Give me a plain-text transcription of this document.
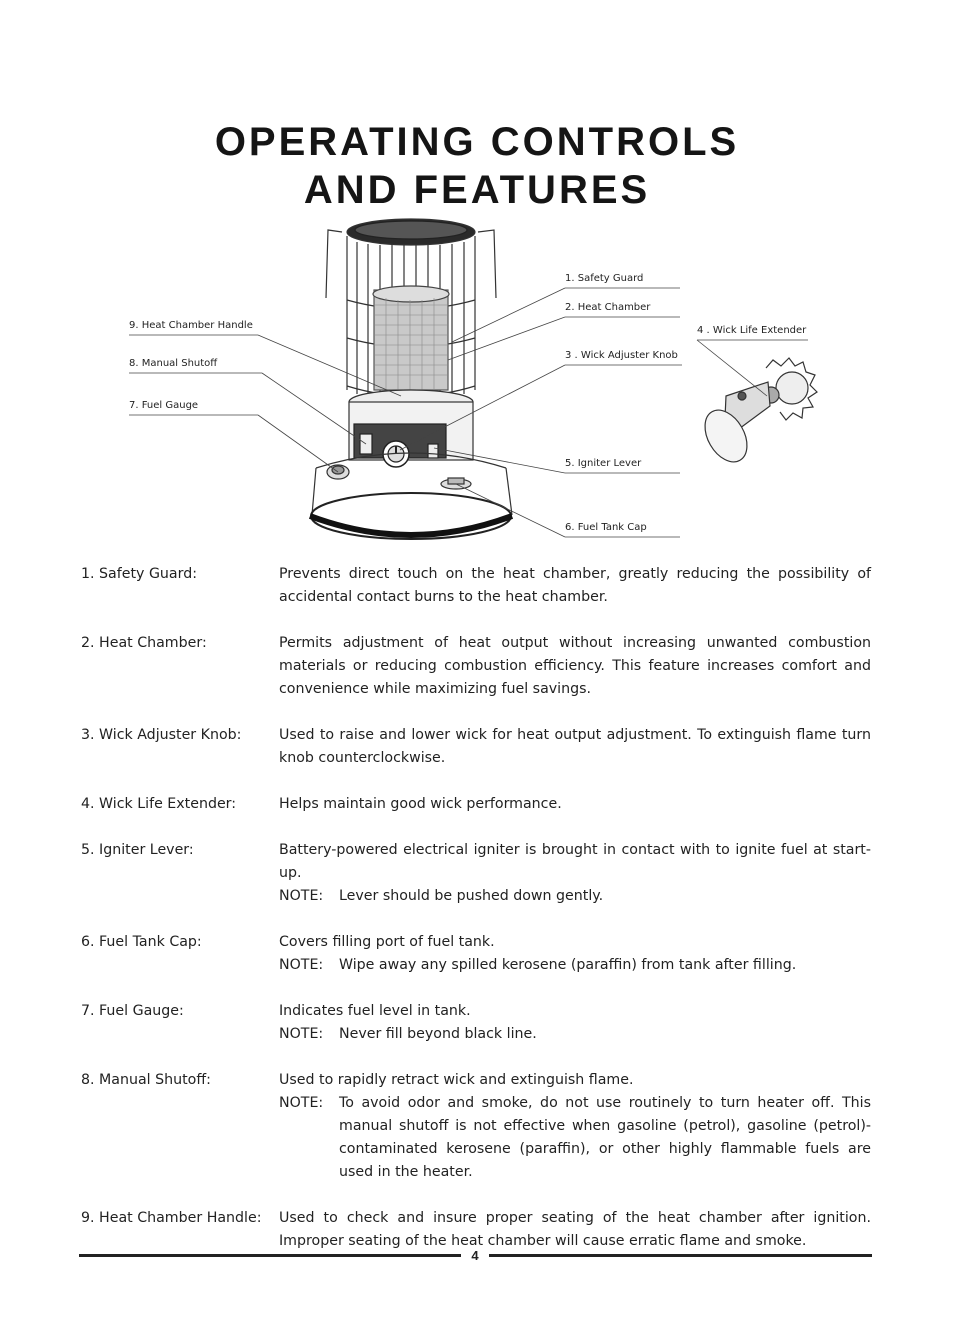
OPERATING CONTROLS
AND FEATURES
1. Safety Guard
2. Heat Chamber
3 . Wick Adjuster Knob
4 . Wick Life Extender
5. Igniter Lever
6. Fuel Tank Cap
9. Heat Chamber Handle
8. Manual Shutoff
7. Fuel Gauge
1. Safety Guard:	Prevents direct touch on the heat chamber, greatly reducing the possibility of accidental contact burns to the heat chamber.
2. Heat Chamber:	Permits adjustment of heat output without increasing unwanted combustion materials or reducing combustion efficiency. This feature increases comfort and convenience while maximizing fuel savings.
3. Wick Adjuster Knob:	Used to raise and lower wick for heat output adjustment. To extinguish flame turn knob counterclockwise.
4. Wick Life Extender:	Helps maintain good wick performance.
5. Igniter Lever:	Battery-powered electrical igniter is brought in contact with to ignite fuel at start-up.
NOTE:	Lever should be pushed down gently.
6. Fuel Tank Cap:	Covers filling port of fuel tank.
NOTE:	Wipe away any spilled kerosene (paraffin) from tank after filling.
7. Fuel Gauge:	Indicates fuel level in tank.
NOTE:	Never fill beyond black line.
8. Manual Shutoff:	Used to rapidly retract wick and extinguish flame.
NOTE:	To avoid odor and smoke, do not use routinely to turn heater off. This manual shutoff is not effective when gasoline (petrol), gasoline (petrol)-contaminated kerosene (paraffin), or other highly flammable fuels are used in the heater.
9. Heat Chamber Handle:	Used to check and insure proper seating of the heat chamber after ignition. Improper seating of the heat chamber will cause erratic flame and smoke.
4
